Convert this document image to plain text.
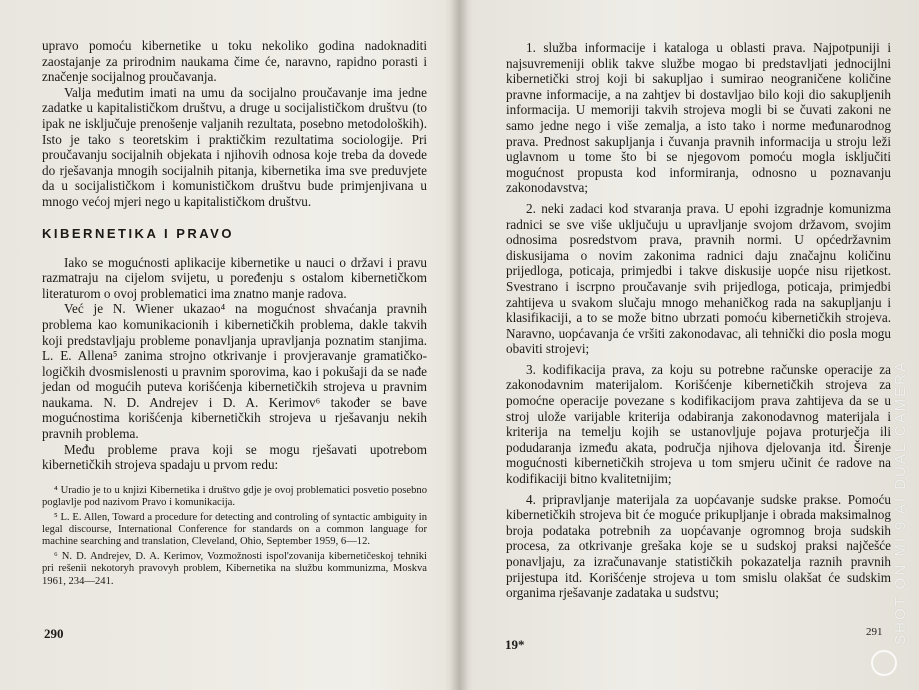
upravo pomoću kibernetike u toku nekoliko godina nadoknaditi zaostajanje za prirodnim naukama čime će, naravno, rapidno porasti i značenje socijalnog proučavanja.

Valja međutim imati na umu da socijalno proučavanje ima jedne zadatke u kapitalističkom društvu, a druge u socijalističkom društvu (to ipak ne isključuje prenošenje valjanih rezultata, posebno metodoloških). Isto je tako s teoretskim i praktičkim rezultatima sociologije. Pri proučavanju socijalnih objekata i njihovih odnosa koje treba da dovede do rješavanja mnogih socijalnih pitanja, kibernetika ima sve preduvjete da u socijalističkom i komunističkom društvu bude primjenjivana u mnogo većoj mjeri nego u kapitalističkom društvu.

KIBERNETIKA I PRAVO

Iako se mogućnosti aplikacije kibernetike u nauci o državi i pravu razmatraju na cijelom svijetu, u poređenju s ostalom kibernetičkom literaturom o ovoj problematici ima znatno manje radova.

Već je N. Wiener ukazao⁴ na mogućnost shvaćanja pravnih problema kao komunikacionih i kibernetičkih problema, dakle takvih koji predstavljaju probleme ponavljanja upravljanja poznatim stanjima. L. E. Allena⁵ zanima strojno otkrivanje i provjeravanje gramatičko-logičkih dvosmislenosti u pravnim sporovima, kao i pokušaji da se nađe jedan od mogućih puteva korišćenja kibernetičkih strojeva u pravnim naukama. N. D. Andrejev i D. A. Kerimov⁶ također se bave mogućnostima korišćenja kibernetičkih strojeva u rješavanju nekih pravnih problema.

Među probleme prava koji se mogu rješavati upotrebom kibernetičkih strojeva spadaju u prvom redu:

⁴ Uradio je to u knjizi Kibernetika i društvo gdje je ovoj problematici posvetio posebno poglavlje pod nazivom Pravo i komunikacija.
⁵ L. E. Allen, Toward a procedure for detecting and controling of syntactic ambiguity in legal discourse, International Conference for standards on a common language for machine searching and translation, Cleveland, Ohio, September 1959, 6—12.
⁶ N. D. Andrejev, D. A. Kerimov, Vozmožnosti ispol'zovanija kibernetičeskoj tehniki pri rešenii nekotoryh pravovyh problem, Kibernetika na službu kommunizma, Moskva 1961, 234—241.
290

1. služba informacije i kataloga u oblasti prava. Najpotpuniji i najsuvremeniji oblik takve službe mogao bi predstavljati jednocijlni kibernetički stroj koji bi sakupljao i sumirao neograničene količine pravne informacije, a na zahtjev bi dostavljao bilo koji dio sakupljenih informacija. U memoriji takvih strojeva mogli bi se čuvati zakoni ne samo jedne nego i više zemalja, a isto tako i norme međunarodnog prava. Prednost sakupljanja i čuvanja pravnih informacija u stroju leži uglavnom u tome što bi se njegovom pomoću mogla isključiti mogućnost propusta kod informiranja, odnosno u poznavanju zakonodavstva;

2. neki zadaci kod stvaranja prava. U epohi izgradnje komunizma radnici se sve više uključuju u upravljanje svojom državom, svojim odnosima posredstvom prava, pravnih normi. U općedržavnim diskusijama o novim zakonima radnici daju značajnu količinu prijedloga, poticaja, primjedbi i takve diskusije uopće nisu rijetkost. Svestrano i iscrpno proučavanje svih prijedloga, poticaja, primjedbi zahtijeva u svakom slučaju mnogo mehaničkog rada na sakupljanju i klasifikaciji, a to se može bitno ubrzati pomoću kibernetičkih strojeva. Naravno, uopćavanja će vršiti zakonodavac, ali tehnički dio posla mogu obaviti strojevi;

3. kodifikacija prava, za koju su potrebne računske operacije za zakonodavnim materijalom. Korišćenje kibernetičkih strojeva za pomoćne operacije povezane s kodifikacijom prava zahtijeva da se u stroj ulože varijable kriterija odabiranja zakonodavnog materijala i kriterija na temelju kojih se ustanovljuje pojava proturječja ili podudaranja između akata, područja njihova djelovanja itd. Širenje mogućnosti kibernetičkih strojeva u tom smjeru učinit će radove na kodifikaciji bitno kvalitetnijim;

4. pripravljanje materijala za uopćavanje sudske prakse. Pomoću kibernetičkih strojeva bit će moguće prikupljanje i obrada maksimalnog broja podataka potrebnih za uopćavanje ogromnog broja sudskih procesa, za otkrivanje grešaka koje se u sudskoj praksi najčešće ponavljaju, za izračunavanje statističkih pokazatelja raznih pravnih prijestupa itd. Korišćenje strojeva u tom smislu olakšat će sudskim organima rješavanje zadataka u sudstvu;

19*
291 SHOT ON MI 9 AI DUAL CAMERA
